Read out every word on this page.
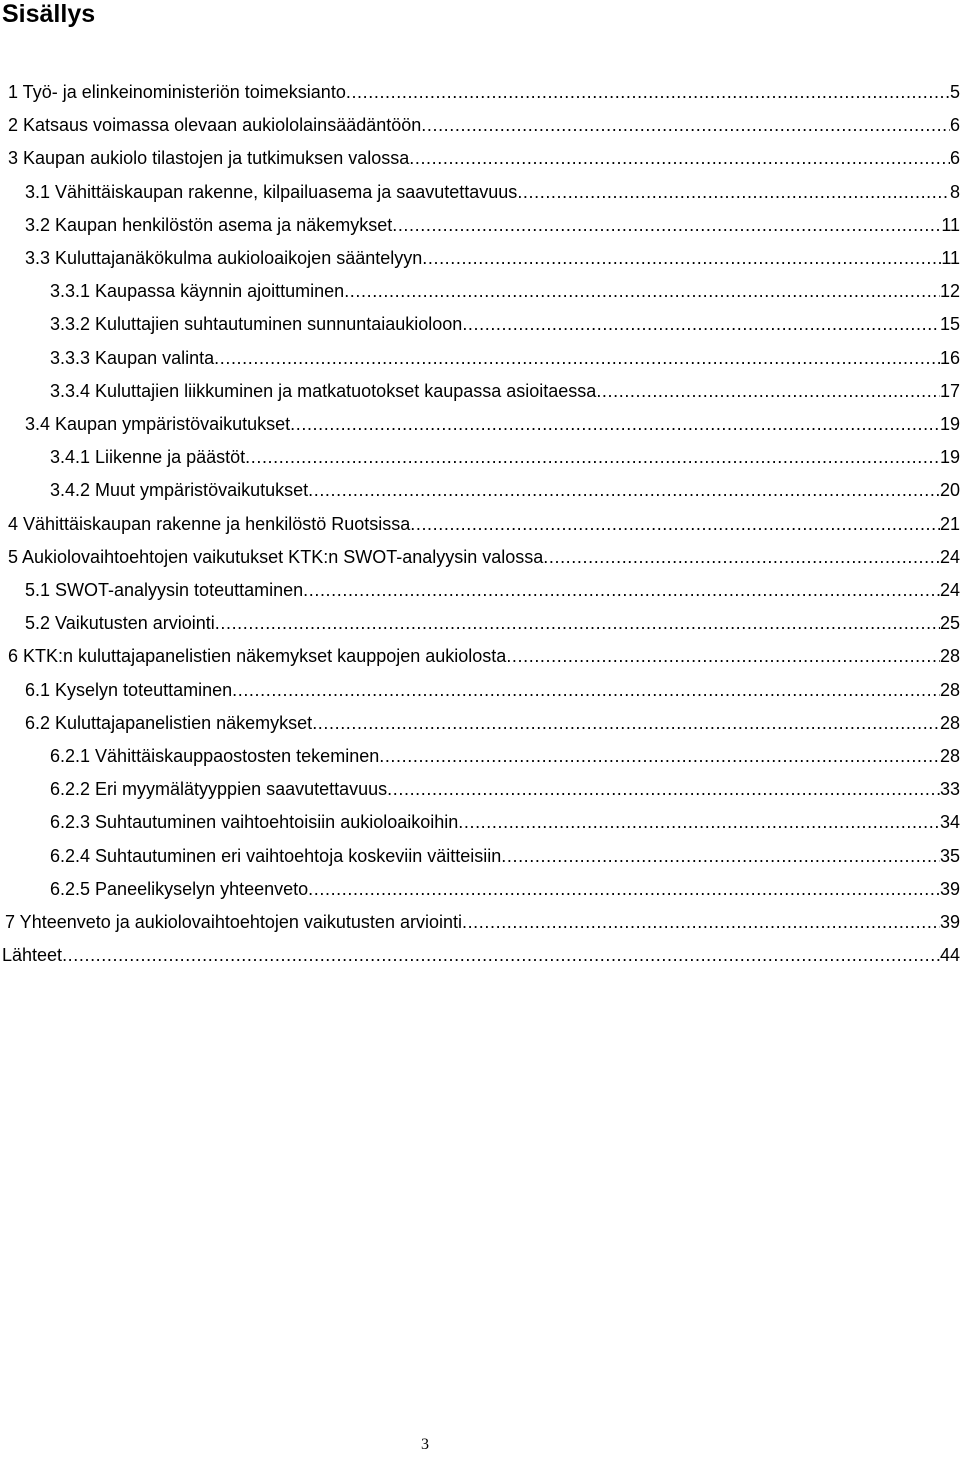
Sisällys
1 Työ- ja elinkeinoministeriön toimeksianto .....	5
2 Katsaus voimassa olevaan aukiololainsäädäntöön .....	6
3 Kaupan aukiolo tilastojen ja tutkimuksen valossa .....	6
3.1 Vähittäiskaupan rakenne, kilpailuasema ja saavutettavuus .....	8
3.2 Kaupan henkilöstön asema ja näkemykset .....	11
3.3 Kuluttajanäkökulma aukioloaikojen sääntelyyn .....	11
3.3.1 Kaupassa käynnin ajoittuminen .....	12
3.3.2 Kuluttajien suhtautuminen sunnuntaiaukioloon .....	15
3.3.3 Kaupan valinta .....	16
3.3.4 Kuluttajien liikkuminen ja matkatuotokset kaupassa asioitaessa .....	17
3.4 Kaupan ympäristövaikutukset .....	19
3.4.1 Liikenne ja päästöt .....	19
3.4.2 Muut ympäristövaikutukset .....	20
4 Vähittäiskaupan rakenne ja henkilöstö Ruotsissa .....	21
5 Aukiolovaihtoehtojen vaikutukset KTK:n SWOT-analyysin valossa .....	24
5.1 SWOT-analyysin toteuttaminen .....	24
5.2 Vaikutusten arviointi .....	25
6 KTK:n kuluttajapanelistien näkemykset kauppojen aukiolosta .....	28
6.1 Kyselyn toteuttaminen .....	28
6.2 Kuluttajapanelistien näkemykset .....	28
6.2.1 Vähittäiskauppaostosten tekeminen .....	28
6.2.2 Eri myymälätyyppien saavutettavuus .....	33
6.2.3 Suhtautuminen vaihtoehtoisiin aukioloaikoihin .....	34
6.2.4 Suhtautuminen eri vaihtoehtoja koskeviin väitteisiin .....	35
6.2.5 Paneelikyselyn yhteenveto .....	39
7 Yhteenveto ja aukiolovaihtoehtojen vaikutusten arviointi .....	39
Lähteet .....	44
3
